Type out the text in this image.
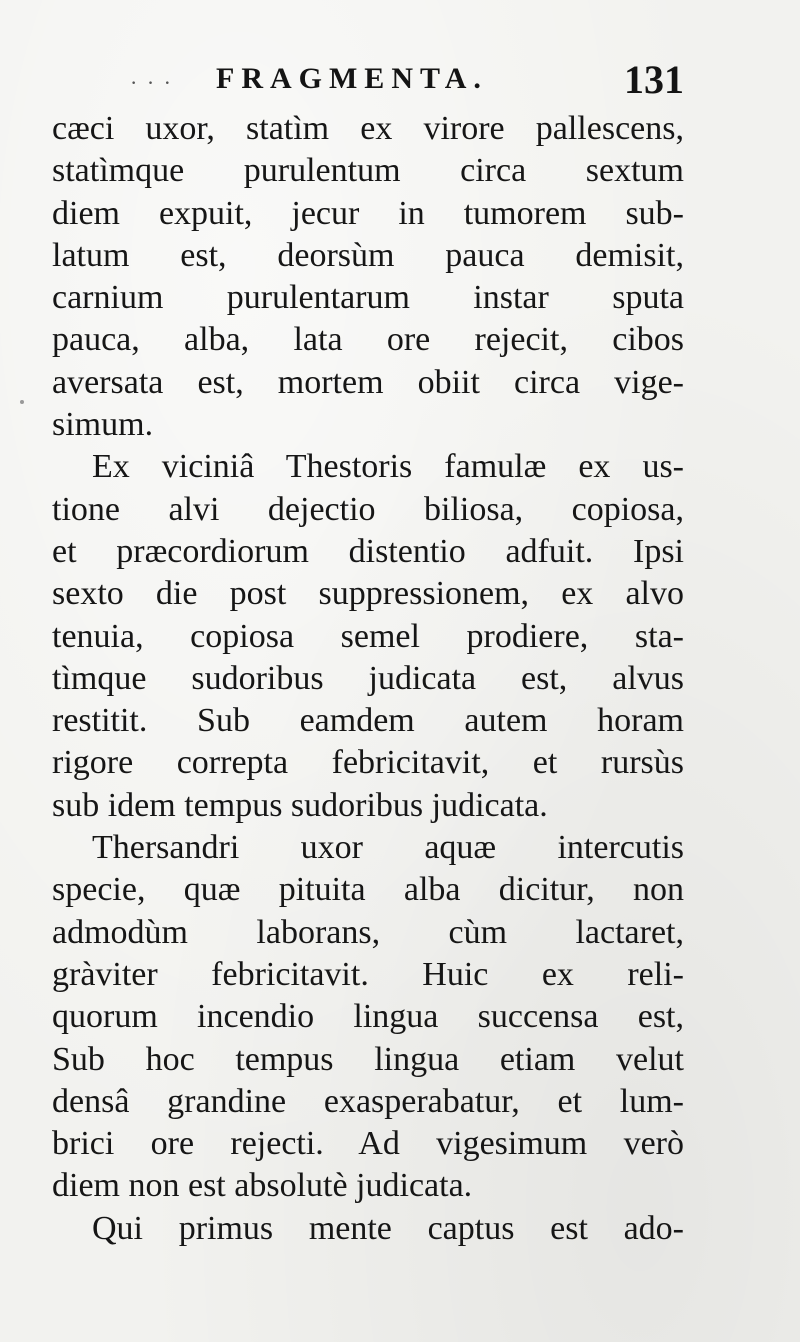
· · · FRAGMENTA.	131
cæci uxor, statìm ex virore pallescens,
statìmque purulentum circa sextum
diem expuit, jecur in tumorem sub-
latum est, deorsùm pauca demisit,
carnium purulentarum instar sputa
pauca, alba, lata ore rejecit, cibos
aversata est, mortem obiit circa vige-
simum.
Ex viciniâ Thestoris famulæ ex us-
tione alvi dejectio biliosa, copiosa,
et præcordiorum distentio adfuit. Ipsi
sexto die post suppressionem, ex alvo
tenuia, copiosa semel prodiere, sta-
tìmque sudoribus judicata est, alvus
restitit. Sub eamdem autem horam
rigore correpta febricitavit, et rursùs
sub idem tempus sudoribus judicata.
Thersandri uxor aquæ intercutis
specie, quæ pituita alba dicitur, non
admodùm laborans, cùm lactaret,
gràviter febricitavit. Huic ex reli-
quorum incendio lingua succensa est,
Sub hoc tempus lingua etiam velut
densâ grandine exasperabatur, et lum-
brici ore rejecti. Ad vigesimum verò
diem non est absolutè judicata.
Qui primus mente captus est ado-
